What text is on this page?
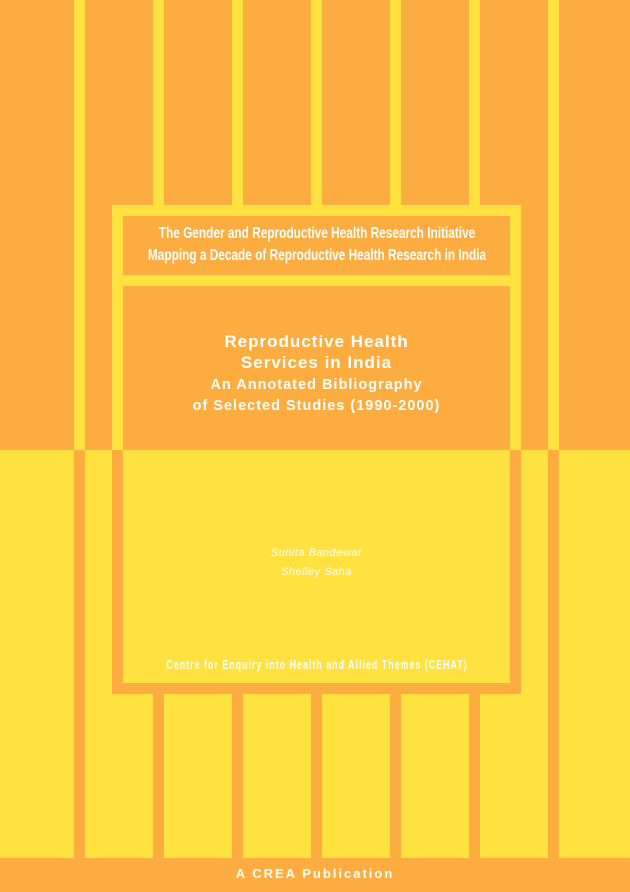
The Gender and Reproductive Health Research Initiative
Mapping a Decade of Reproductive Health Research in India
Reproductive Health
Services in India
An Annotated Bibliography
of Selected Studies (1990-2000)
Sunita Bandewar
Shelley Saha
Centre for Enquiry into Health and Allied Themes (CEHAT)
A CREA Publication
